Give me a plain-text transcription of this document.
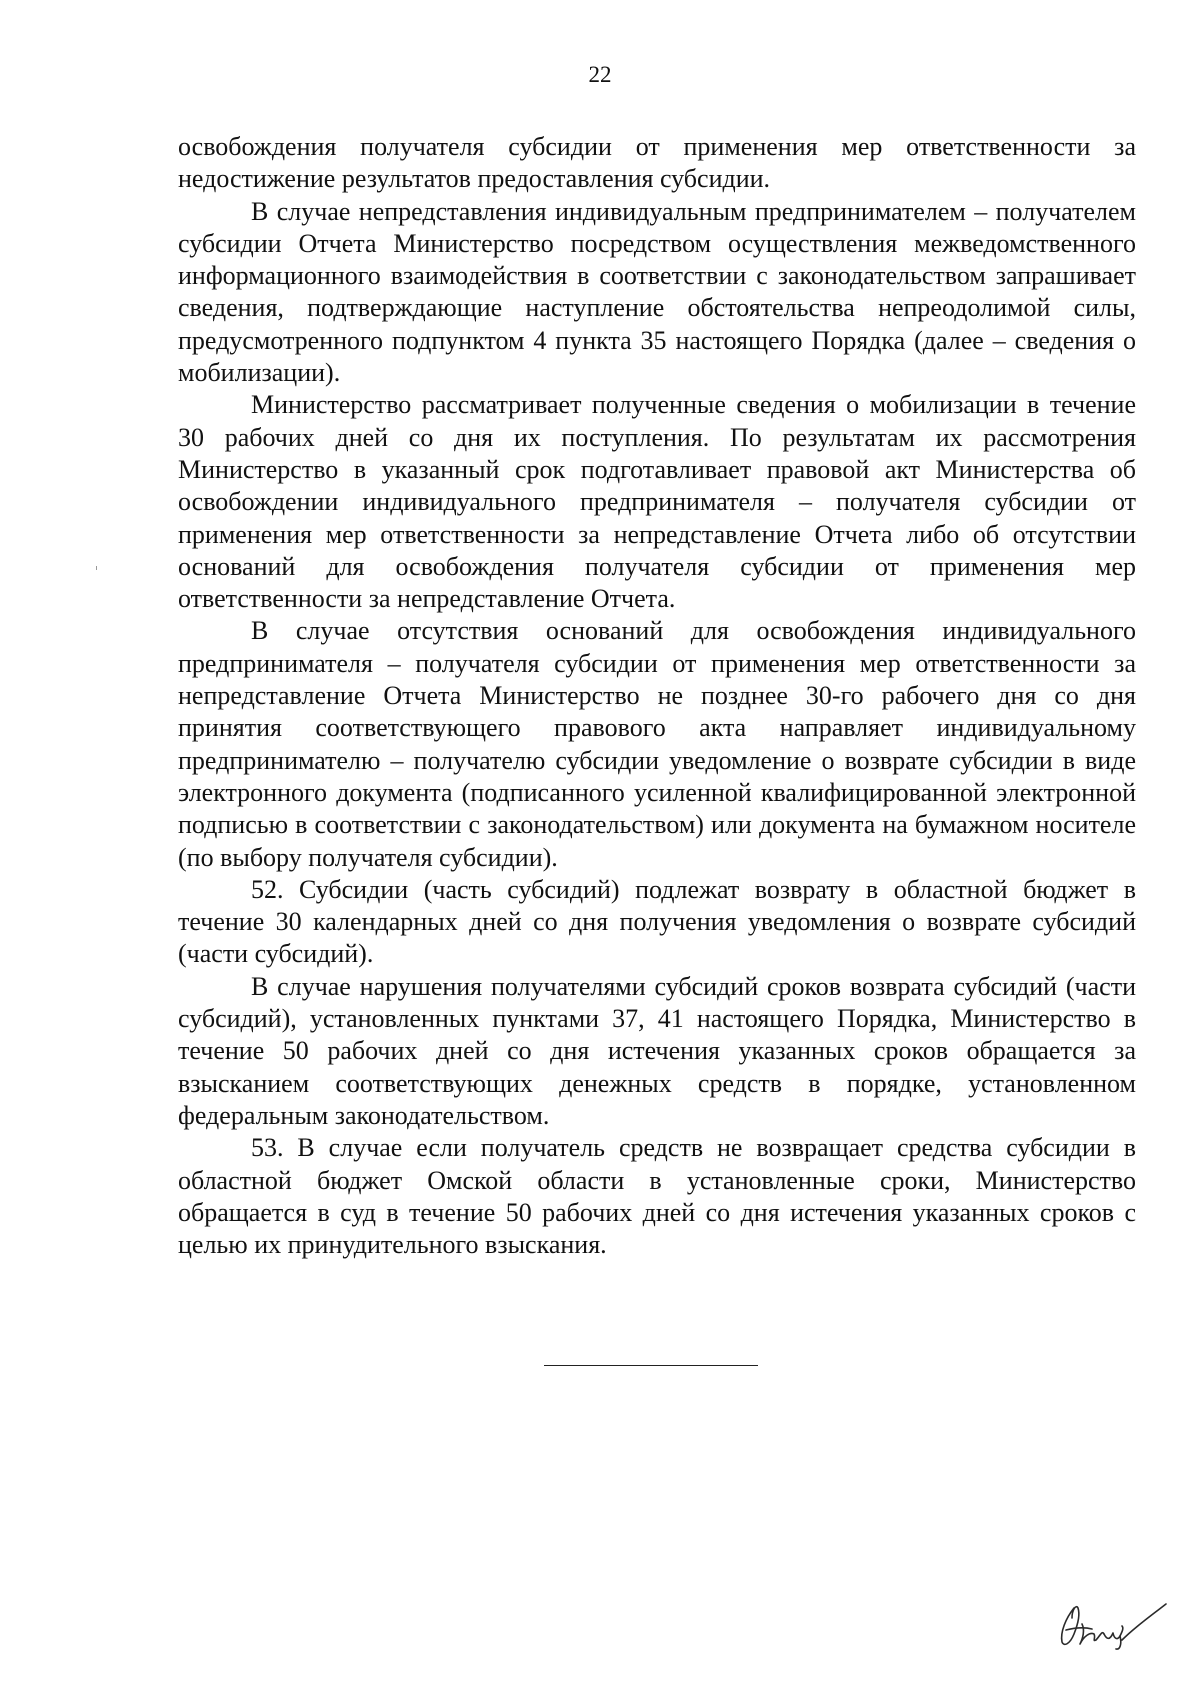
22

освобождения получателя субсидии от применения мер ответственности за недостижение результатов предоставления субсидии.

В случае непредставления индивидуальным предпринимателем – получателем субсидии Отчета Министерство посредством осуществления межведомственного информационного взаимодействия в соответствии с законодательством запрашивает сведения, подтверждающие наступление обстоятельства непреодолимой силы, предусмотренного подпунктом 4 пункта 35 настоящего Порядка (далее – сведения о мобилизации).

Министерство рассматривает полученные сведения о мобилизации в течение 30 рабочих дней со дня их поступления. По результатам их рассмотрения Министерство в указанный срок подготавливает правовой акт Министерства об освобождении индивидуального предпринимателя – получателя субсидии от применения мер ответственности за непредставление Отчета либо об отсутствии оснований для освобождения получателя субсидии от применения мер ответственности за непредставление Отчета.

В случае отсутствия оснований для освобождения индивидуального предпринимателя – получателя субсидии от применения мер ответственности за непредставление Отчета Министерство не позднее 30-го рабочего дня со дня принятия соответствующего правового акта направляет индивидуальному предпринимателю – получателю субсидии уведомление о возврате субсидии в виде электронного документа (подписанного усиленной квалифицированной электронной подписью в соответствии с законодательством) или документа на бумажном носителе (по выбору получателя субсидии).

52. Субсидии (часть субсидий) подлежат возврату в областной бюджет в течение 30 календарных дней со дня получения уведомления о возврате субсидий (части субсидий).

В случае нарушения получателями субсидий сроков возврата субсидий (части субсидий), установленных пунктами 37, 41 настоящего Порядка, Министерство в течение 50 рабочих дней со дня истечения указанных сроков обращается за взысканием соответствующих денежных средств в порядке, установленном федеральным законодательством.

53. В случае если получатель средств не возвращает средства субсидии в областной бюджет Омской области в установленные сроки, Министерство обращается в суд в течение 50 рабочих дней со дня истечения указанных сроков с целью их принудительного взыскания.
